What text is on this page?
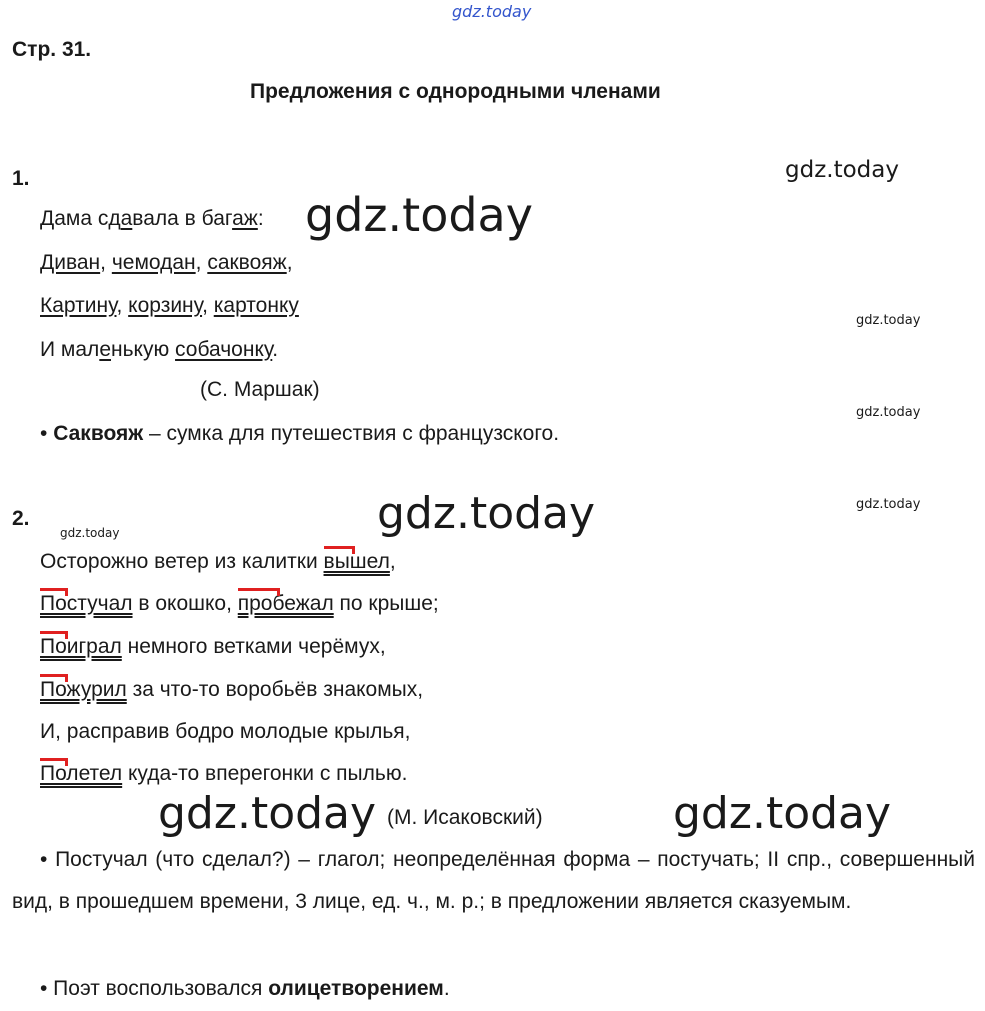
gdz.today
Стр. 31.
Предложения с однородными членами
1.	gdz.today
Дама сдавала в багаж: gdz.today
Диван, чемодан, саквояж,
Картину, корзину, картонку
gdz.today
И маленькую собачонку.
(С. Маршак)
gdz.today
• Саквояж – сумка для путешествия с французского.
2.
gdz.today	gdz.today	gdz.today
Осторожно ветер из калитки
вышел,
Постучал в окошко,
пробежал по крыше;
Поиграл немного ветками черёмух,
Пожурил за что-то воробьёв знакомых,
И, расправив бодро молодые крылья,
Полетел куда-то вперегонки с пылью.
gdz.today (М. Исаковский)	gdz.today
• Постучал (что сделал?) – глагол; неопределённая форма – постучать; II спр., совершенный вид, в прошедшем времени, 3 лице, ед. ч., м. р.; в предложении является сказуемым.
• Поэт воспользовался олицетворением.
